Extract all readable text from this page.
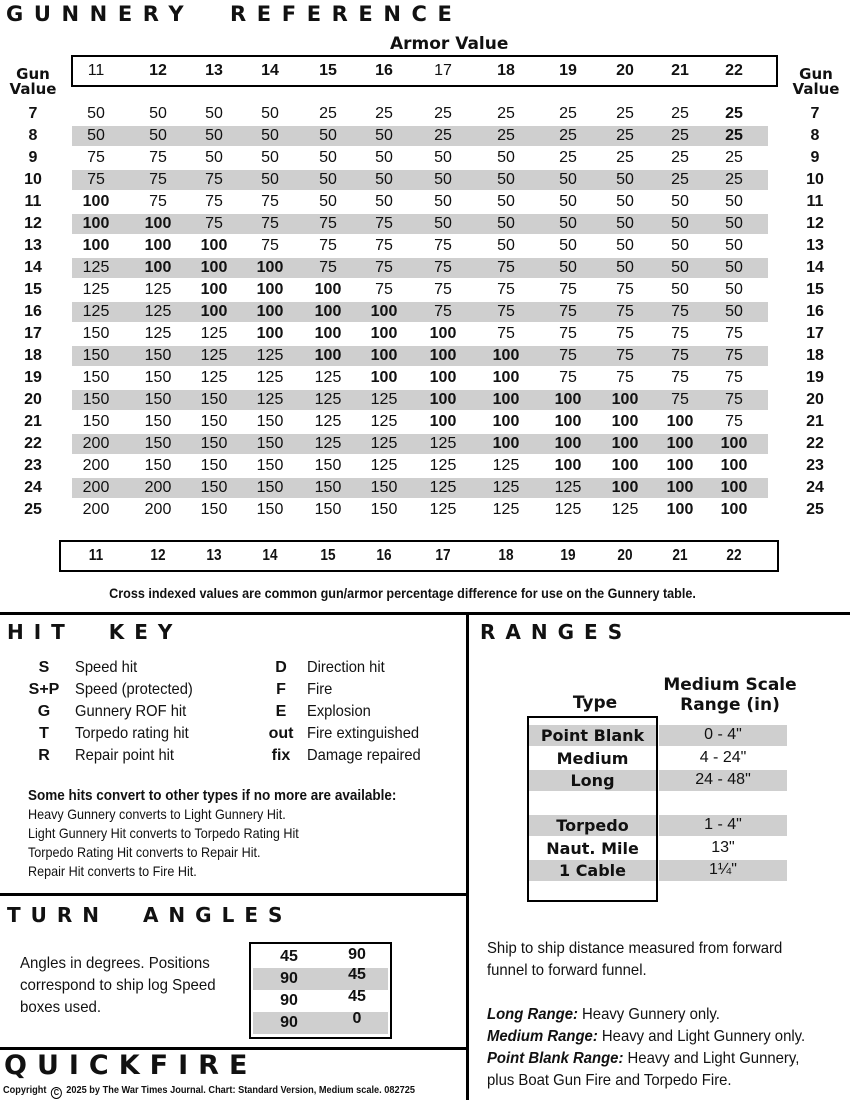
GUNNERY  REFERENCE
Armor Value
Gun
Value
Gun
Value
11	12	13	14	15	16	17	18	19	20	21	22
7	50	50	50	50	25	25	25	25	25	25	25	25	7
8	50	50	50	50	50	50	25	25	25	25	25	25	8
9	75	75	50	50	50	50	50	50	25	25	25	25	9
10	75	75	75	50	50	50	50	50	50	50	25	25	10
11	100	75	75	75	50	50	50	50	50	50	50	50	11
12	100	100	75	75	75	75	50	50	50	50	50	50	12
13	100	100	100	75	75	75	75	50	50	50	50	50	13
14	125	100	100	100	75	75	75	75	50	50	50	50	14
15	125	125	100	100	100	75	75	75	75	75	50	50	15
16	125	125	100	100	100	100	75	75	75	75	75	50	16
17	150	125	125	100	100	100	100	75	75	75	75	75	17
18	150	150	125	125	100	100	100	100	75	75	75	75	18
19	150	150	125	125	125	100	100	100	75	75	75	75	19
20	150	150	150	125	125	125	100	100	100	100	75	75	20
21	150	150	150	150	125	125	100	100	100	100	100	75	21
22	200	150	150	150	125	125	125	100	100	100	100	100	22
23	200	150	150	150	150	125	125	125	100	100	100	100	23
24	200	200	150	150	150	150	125	125	125	100	100	100	24
25	200	200	150	150	150	150	125	125	125	125	100	100	25
11	12	13	14	15	16	17	18	19	20	21	22
Cross indexed values are common gun/armor percentage difference for use on the Gunnery table.
HIT  KEY
S	Speed hit
S+P Speed (protected)
G	Gunnery ROF hit
T	Torpedo rating hit
R	Repair point hit
D	Direction hit
F	Fire
E	Explosion
out Fire extinguished
fix	Damage repaired
Some hits convert to other types if no more are available:
Heavy Gunnery converts to Light Gunnery Hit.
Light Gunnery Hit converts to Torpedo Rating Hit
Torpedo Rating Hit converts to Repair Hit.
Repair Hit converts to Fire Hit.
TURN  ANGLES
Angles in degrees. Positions correspond to ship log Speed boxes used.
45	90
90	45
90	45
90	0
QUICKFIRE
Copyright C 2025 by The War Times Journal. Chart: Standard Version, Medium scale. 082725
RANGES
Type
Medium Scale
Range (in)
Point Blank	0 - 4"
Medium	4 - 24"
Long	24 - 48"
Torpedo	1 - 4"
Naut. Mile	13"
1 Cable	1¼"
Ship to ship distance measured from forward funnel to forward funnel.
Long Range: Heavy Gunnery only.
Medium Range: Heavy and Light Gunnery only.
Point Blank Range: Heavy and Light Gunnery,
plus Boat Gun Fire and Torpedo Fire.
